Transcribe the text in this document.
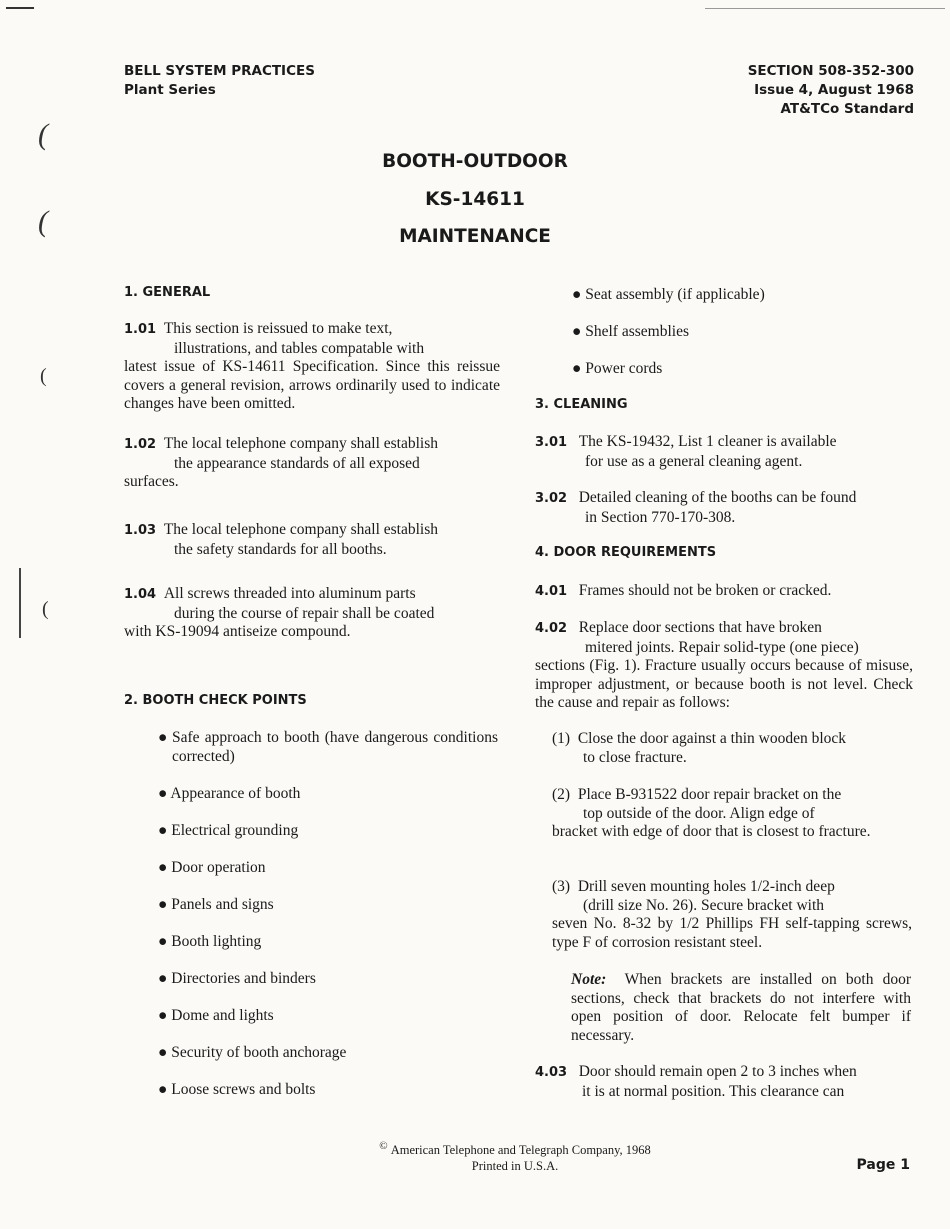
(
(
(
(
BELL SYSTEM PRACTICES
Plant Series
SECTION 508-352-300
Issue 4, August 1968
AT&TCo Standard
BOOTH-OUTDOOR
KS-14611
MAINTENANCE
1. GENERAL
1.01 This section is reissued to make text,
illustrations, and tables compatable with
latest issue of KS-14611 Specification. Since this reissue covers a general revision, arrows ordinarily used to indicate changes have been omitted.
1.02 The local telephone company shall establish
the appearance standards of all exposed
surfaces.
1.03 The local telephone company shall establish
the safety standards for all booths.
1.04 All screws threaded into aluminum parts
during the course of repair shall be coated
with KS-19094 antiseize compound.
2. BOOTH CHECK POINTS
● Safe approach to booth (have dangerous conditions corrected)
● Appearance of booth
● Electrical grounding
● Door operation
● Panels and signs
● Booth lighting
● Directories and binders
● Dome and lights
● Security of booth anchorage
● Loose screws and bolts
● Seat assembly (if applicable)
● Shelf assemblies
● Power cords
3. CLEANING
3.01 The KS-19432, List 1 cleaner is available
for use as a general cleaning agent.
3.02 Detailed cleaning of the booths can be found
in Section 770-170-308.
4. DOOR REQUIREMENTS
4.01 Frames should not be broken or cracked.
4.02 Replace door sections that have broken
mitered joints. Repair solid-type (one piece)
sections (Fig. 1). Fracture usually occurs because of misuse, improper adjustment, or because booth is not level. Check the cause and repair as follows:
(1) Close the door against a thin wooden block
to close fracture.
(2) Place B-931522 door repair bracket on the
top outside of the door. Align edge of
bracket with edge of door that is closest to fracture.
(3) Drill seven mounting holes 1/2-inch deep
(drill size No. 26). Secure bracket with
seven No. 8-32 by 1/2 Phillips FH self-tapping screws, type F of corrosion resistant steel.
Note: When brackets are installed on both door sections, check that brackets do not interfere with open position of door. Relocate felt bumper if necessary.
4.03 Door should remain open 2 to 3 inches when
it is at normal position. This clearance can
© American Telephone and Telegraph Company, 1968
Printed in U.S.A.	Page 1
